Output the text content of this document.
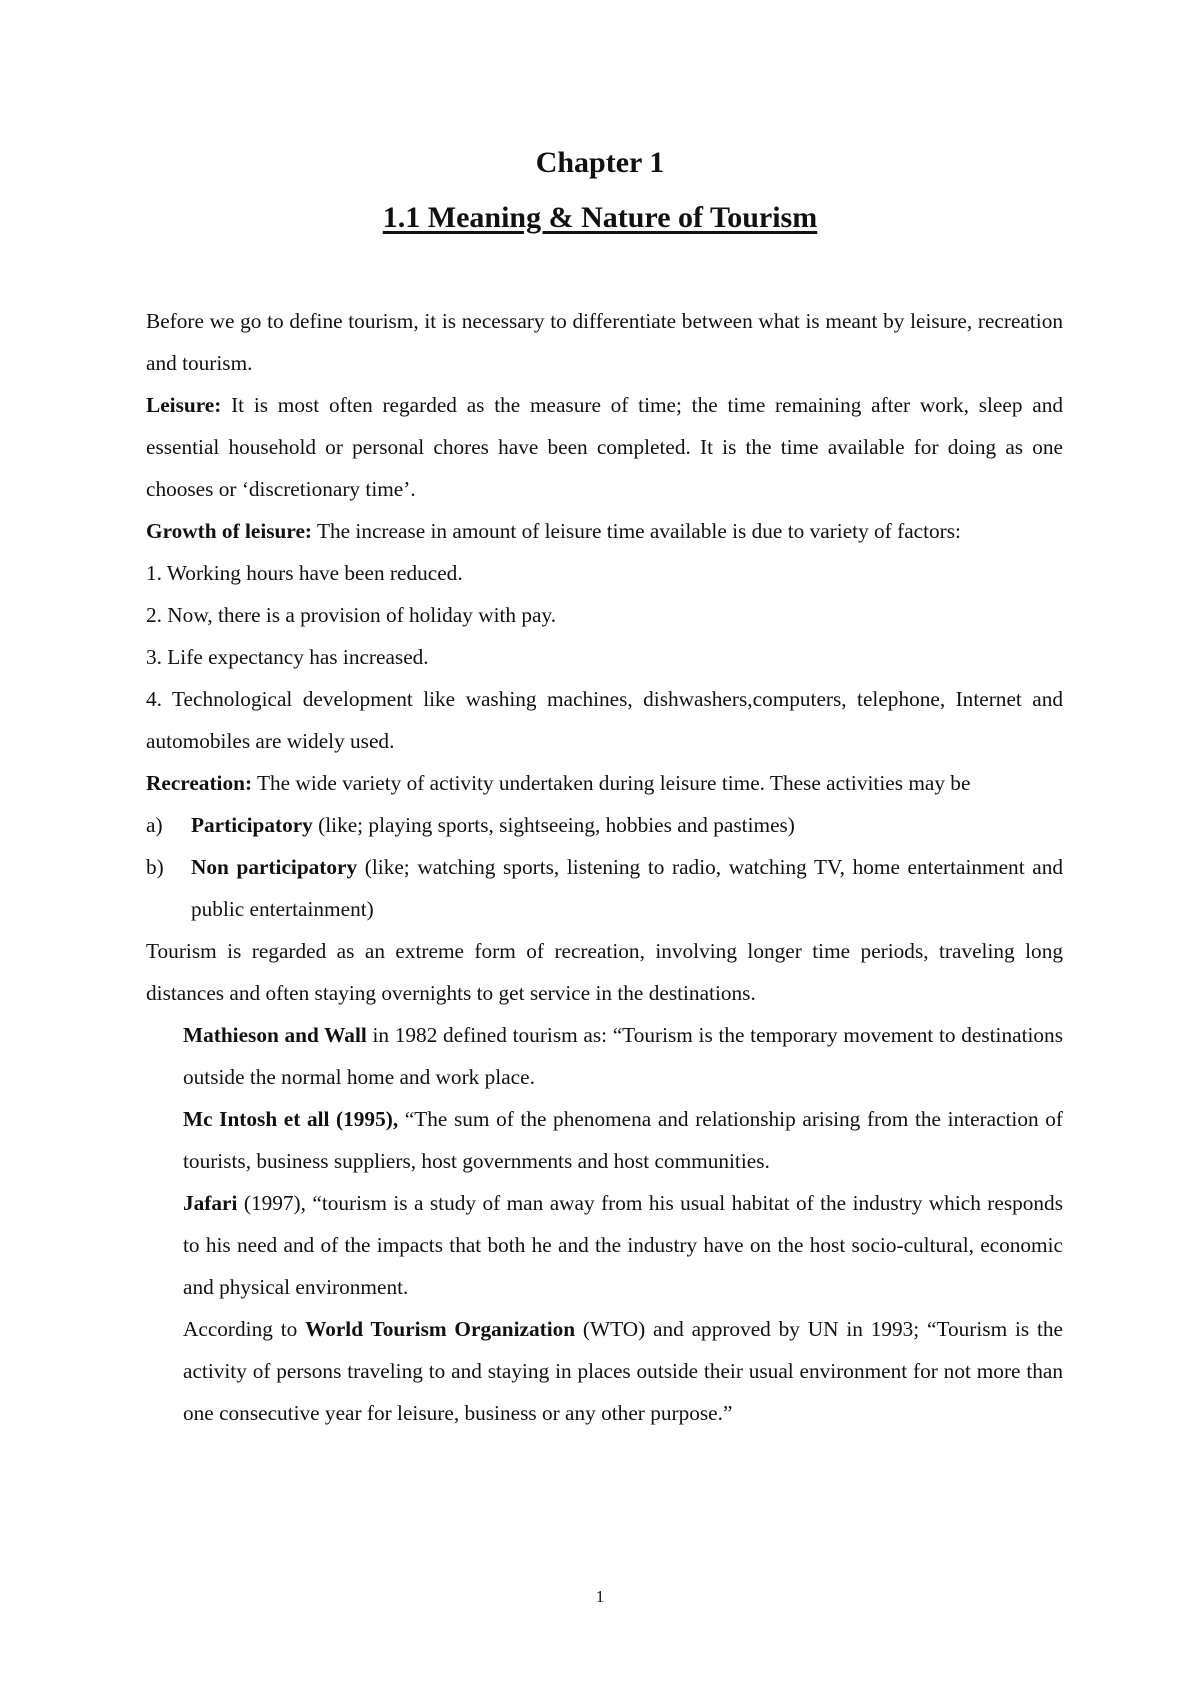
Chapter 1
1.1 Meaning & Nature of Tourism

Before we go to define tourism, it is necessary to differentiate between what is meant by leisure, recreation and tourism.

Leisure: It is most often regarded as the measure of time; the time remaining after work, sleep and essential household or personal chores have been completed. It is the time available for doing as one chooses or ‘discretionary time’.

Growth of leisure: The increase in amount of leisure time available is due to variety of factors:

1. Working hours have been reduced.

2. Now, there is a provision of holiday with pay.

3. Life expectancy has increased.

4. Technological development like washing machines, dishwashers,computers, telephone, Internet and automobiles are widely used.

Recreation: The wide variety of activity undertaken during leisure time. These activities may be

a) Participatory (like; playing sports, sightseeing, hobbies and pastimes)

b) Non participatory (like; watching sports, listening to radio, watching TV, home entertainment and public entertainment)

Tourism is regarded as an extreme form of recreation, involving longer time periods, traveling long distances and often staying overnights to get service in the destinations.

Mathieson and Wall in 1982 defined tourism as: “Tourism is the temporary movement to destinations outside the normal home and work place.

Mc Intosh et all (1995), “The sum of the phenomena and relationship arising from the interaction of tourists, business suppliers, host governments and host communities.

Jafari (1997), “tourism is a study of man away from his usual habitat of the industry which responds to his need and of the impacts that both he and the industry have on the host socio-cultural, economic and physical environment.

According to World Tourism Organization (WTO) and approved by UN in 1993; “Tourism is the activity of persons traveling to and staying in places outside their usual environment for not more than one consecutive year for leisure, business or any other purpose.”

1
